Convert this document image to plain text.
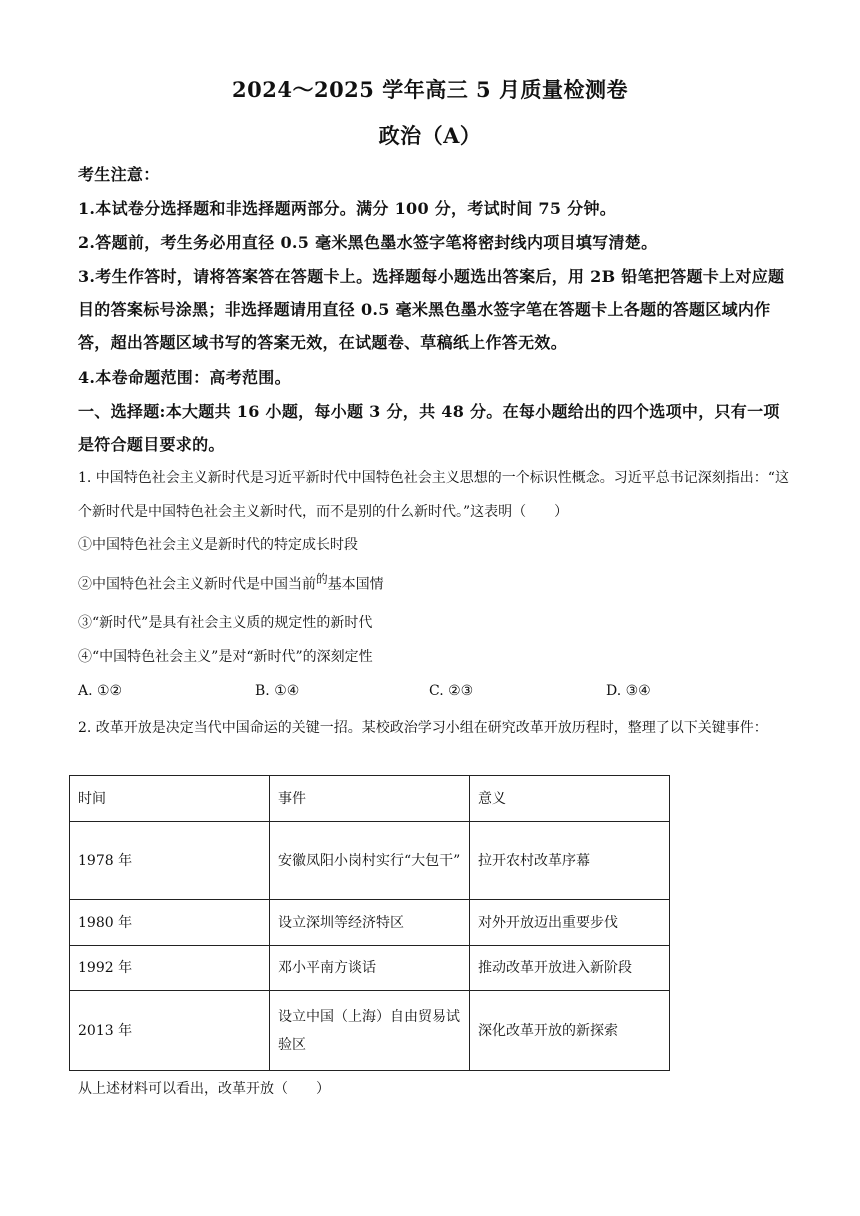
2024～2025 学年高三 5 月质量检测卷
政治（A）
考生注意：
1.本试卷分选择题和非选择题两部分。满分 100 分，考试时间 75 分钟。
2.答题前，考生务必用直径 0.5 毫米黑色墨水签字笔将密封线内项目填写清楚。
3.考生作答时，请将答案答在答题卡上。选择题每小题选出答案后，用 2B 铅笔把答题卡上对应题目的答案标号涂黑；非选择题请用直径 0.5 毫米黑色墨水签字笔在答题卡上各题的答题区域内作答，超出答题区域书写的答案无效，在试题卷、草稿纸上作答无效。
4.本卷命题范围：高考范围。
一、选择题:本大题共 16 小题，每小题 3 分，共 48 分。在每小题给出的四个选项中，只有一项是符合题目要求的。
1. 中国特色社会主义新时代是习近平新时代中国特色社会主义思想的一个标识性概念。习近平总书记深刻指出：“这个新时代是中国特色社会主义新时代，而不是别的什么新时代。”这表明（　　）
①中国特色社会主义是新时代的特定成长时段
②中国特色社会主义新时代是中国当前$^的$基本国情
③“新时代”是具有社会主义质的规定性的新时代
④“中国特色社会主义”是对“新时代”的深刻定性
A. ①②	B. ①④	C. ②③	D. ③④
2. 改革开放是决定当代中国命运的关键一招。某校政治学习小组在研究改革开放历程时，整理了以下关键事件：
时间	事件	意义
1978 年	安徽凤阳小岗村实行“大包干”	拉开农村改革序幕
1980 年	设立深圳等经济特区	对外开放迈出重要步伐
1992 年	邓小平南方谈话	推动改革开放进入新阶段
2013 年	设立中国（上海）自由贸易试验区	深化改革开放的新探索
从上述材料可以看出，改革开放（　　）
